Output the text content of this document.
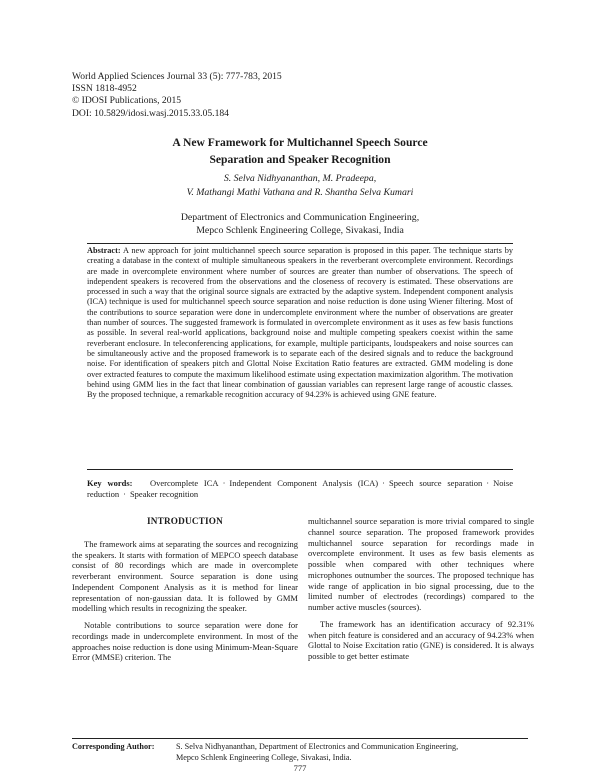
World Applied Sciences Journal 33 (5): 777-783, 2015
ISSN 1818-4952
© IDOSI Publications, 2015
DOI: 10.5829/idosi.wasj.2015.33.05.184
A New Framework for Multichannel Speech Source
Separation and Speaker Recognition
S. Selva Nidhyananthan, M. Pradeepa,
V. Mathangi Mathi Vathana and R. Shantha Selva Kumari
Department of Electronics and Communication Engineering,
Mepco Schlenk Engineering College, Sivakasi, India
Abstract: A new approach for joint multichannel speech source separation is proposed in this paper. The technique starts by creating a database in the context of multiple simultaneous speakers in the reverberant overcomplete environment. Recordings are made in overcomplete environment where number of sources are greater than number of observations. The speech of independent speakers is recovered from the observations and the closeness of recovery is estimated. These observations are processed in such a way that the original source signals are extracted by the adaptive system. Independent component analysis (ICA) technique is used for multichannel speech source separation and noise reduction is done using Wiener filtering. Most of the contributions to source separation were done in undercomplete environment where the number of observations are greater than number of sources. The suggested framework is formulated in overcomplete environment as it uses as few basis functions as possible. In several real-world applications, background noise and multiple competing speakers coexist within the same reverberant enclosure. In teleconferencing applications, for example, multiple participants, loudspeakers and noise sources can be simultaneously active and the proposed framework is to separate each of the desired signals and to reduce the background noise. For identification of speakers pitch and Glottal Noise Excitation Ratio features are extracted. GMM modeling is done over extracted features to compute the maximum likelihood estimate using expectation maximization algorithm. The motivation behind using GMM lies in the fact that linear combination of gaussian variables can represent large range of acoustic classes. By the proposed technique, a remarkable recognition accuracy of 94.23% is achieved using GNE feature.
Key words: Overcomplete ICA · Independent Component Analysis (ICA) · Speech source separation · Noise reduction · Speaker recognition
INTRODUCTION

The framework aims at separating the sources and recognizing the speakers. It starts with formation of MEPCO speech database consist of 80 recordings which are made in overcomplete reverberant environment. Source separation is done using Independent Component Analysis as it is method for linear representation of non-gaussian data. It is followed by GMM modelling which results in recognizing the speaker.

Notable contributions to source separation were done for recordings made in undercomplete environment. In most of the approaches noise reduction is done using Minimum-Mean-Square Error (MMSE) criterion. The

multichannel source separation is more trivial compared to single channel source separation. The proposed framework provides multichannel source separation for recordings made in overcomplete environment. It uses as few basis elements as possible when compared with other techniques where microphones outnumber the sources. The proposed technique has wide range of application in bio signal processing, due to the limited number of electrodes (recordings) compared to the number active muscles (sources).

The framework has an identification accuracy of 92.31% when pitch feature is considered and an accuracy of 94.23% when Glottal to Noise Excitation ratio (GNE) is considered. It is always possible to get better estimate

Corresponding Author:	S. Selva Nidhyananthan, Department of Electronics and Communication Engineering,
Mepco Schlenk Engineering College, Sivakasi, India.
777
